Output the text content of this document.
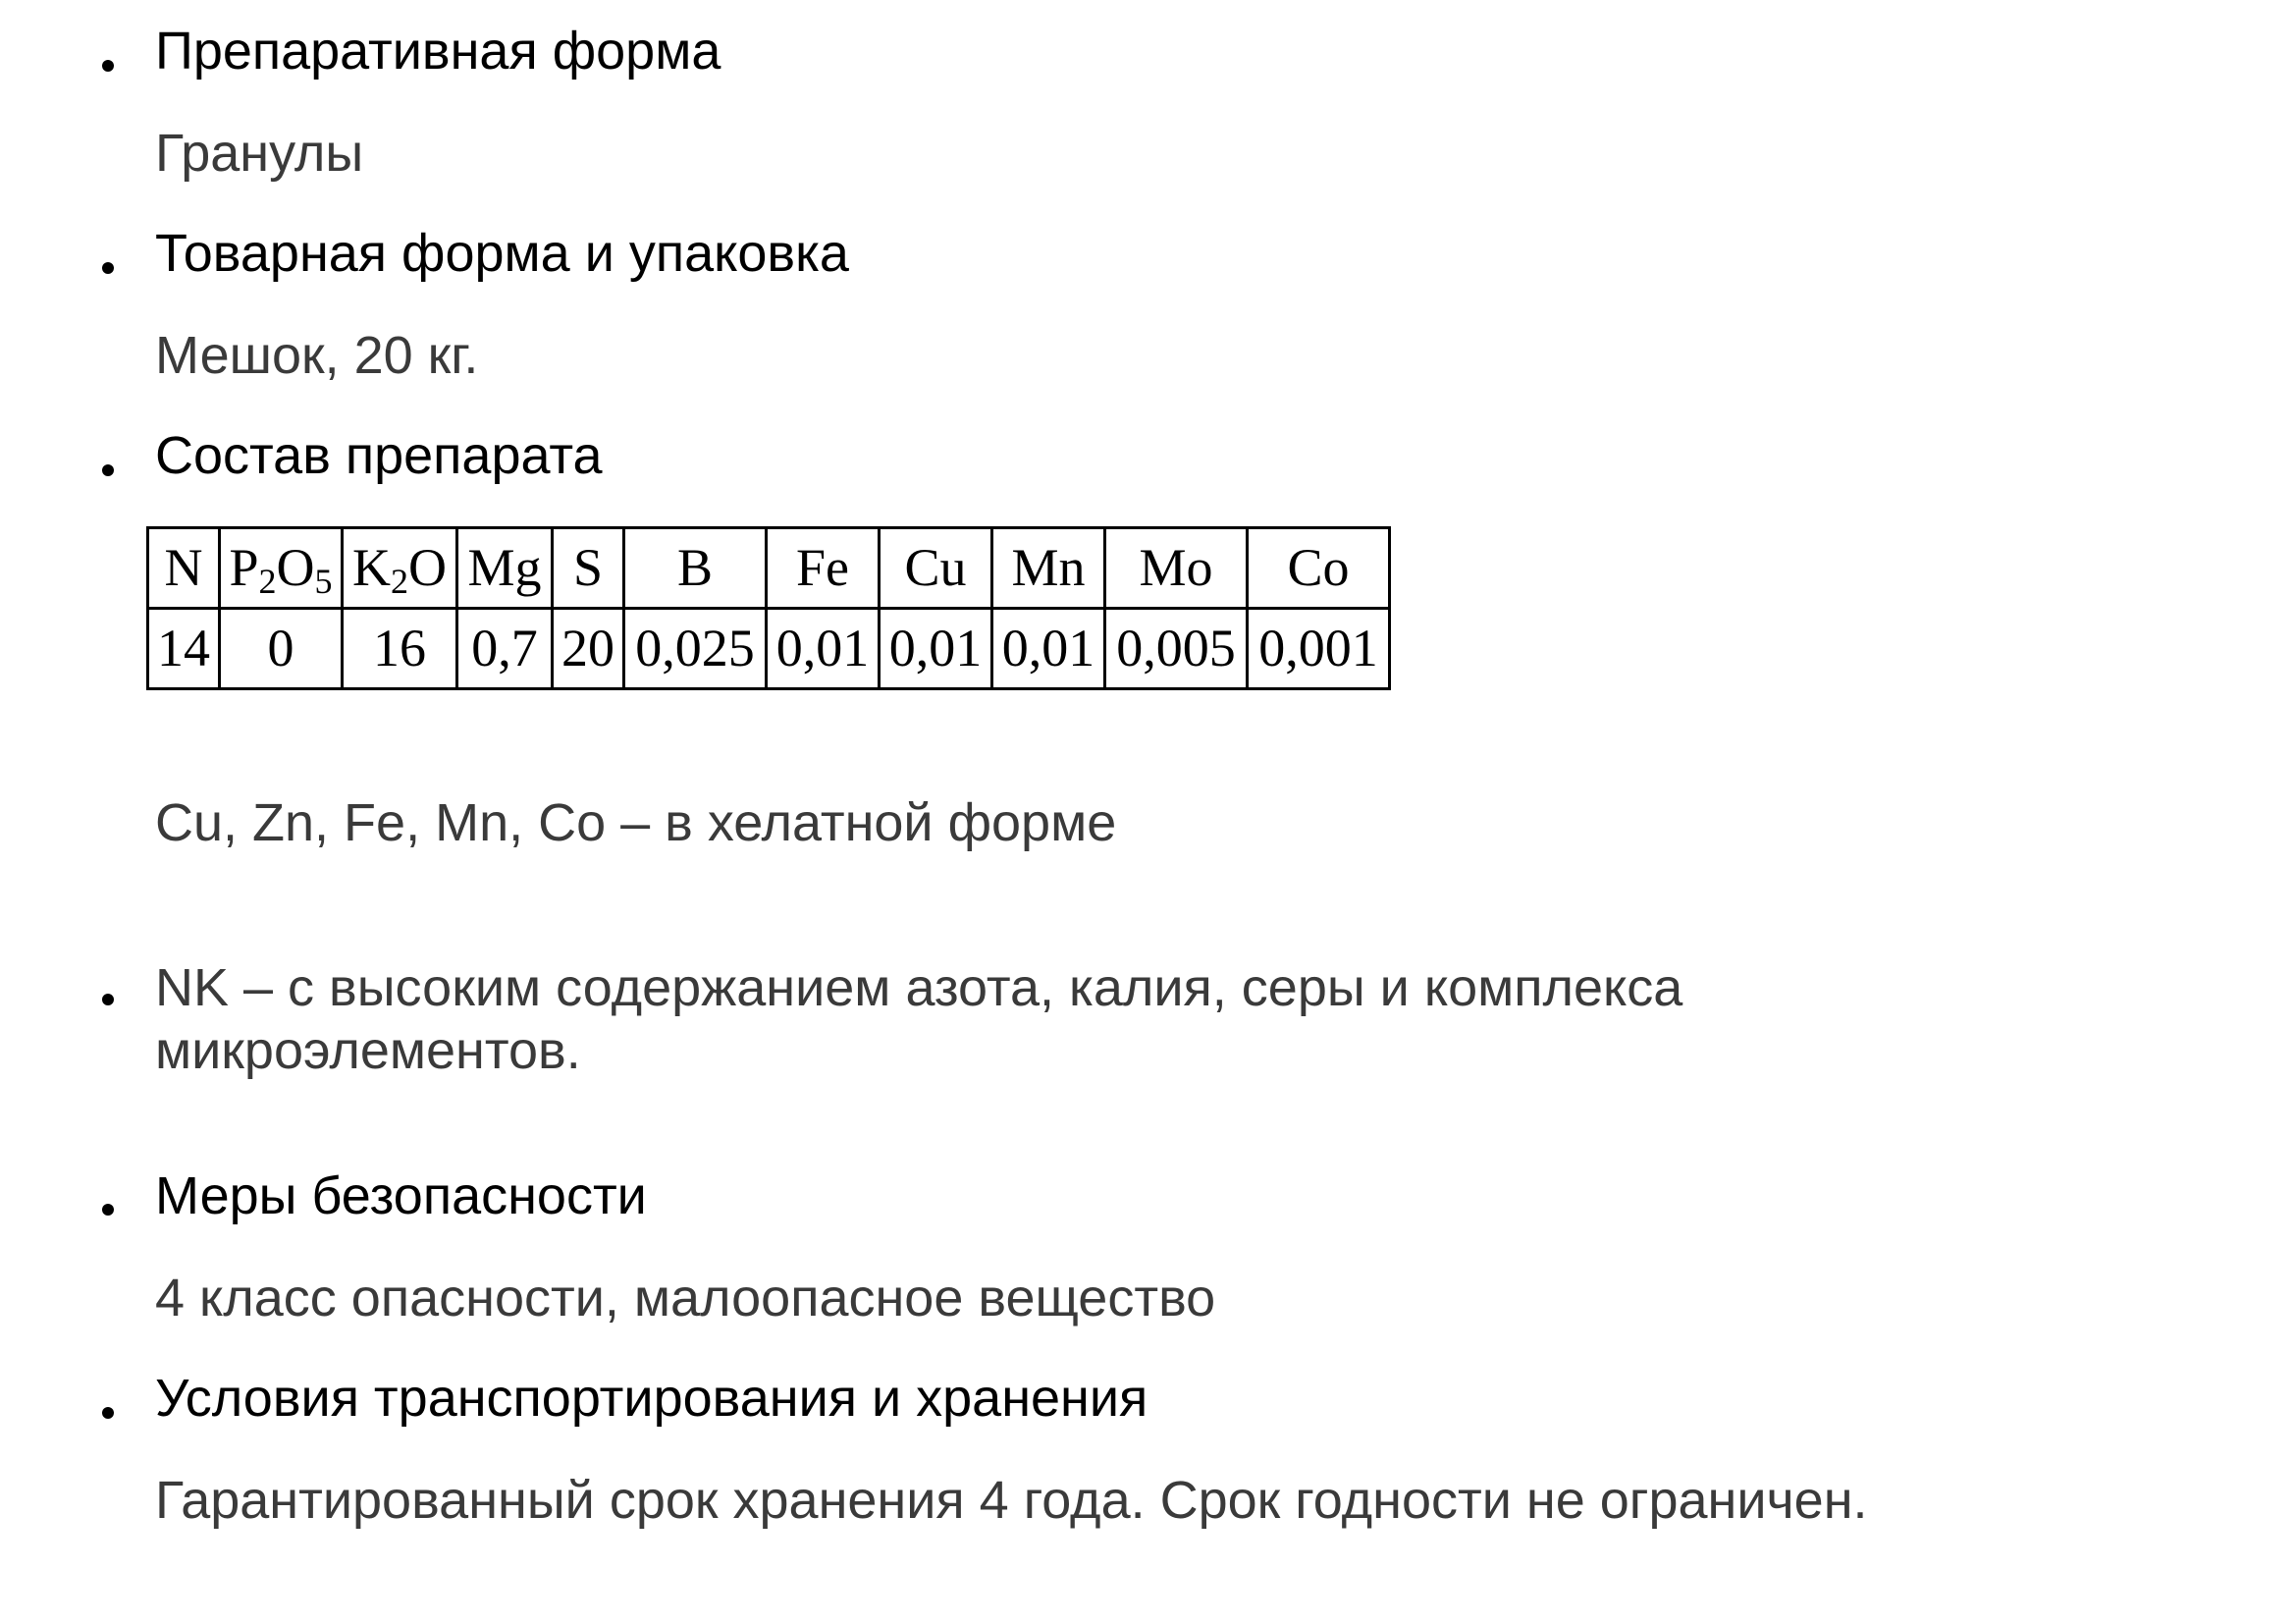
Препаративная форма
Гранулы
Товарная форма и упаковка
Мешок, 20 кг.
Состав препарата
N	$P_2O_5$	$K_2O$	Mg	S	B	Fe	Cu	Mn	Mo	Co
14	0	16	0,7	20	0,025	0,01	0,01	0,01	0,005	0,001
Cu, Zn, Fe, Mn, Co – в хелатной форме
NK – с высоким содержанием азота, калия, серы и комплекса микроэлементов.
Меры безопасности
4 класс опасности, малоопасное вещество
Условия транспортирования и хранения
Гарантированный срок хранения 4 года. Срок годности не ограничен.
